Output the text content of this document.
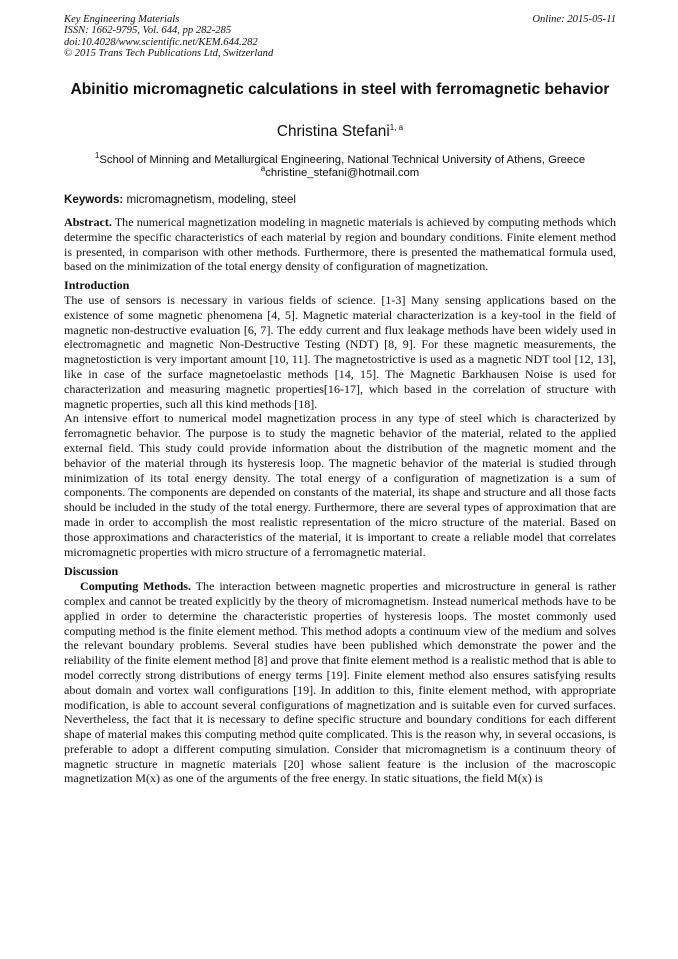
Key Engineering Materials
ISSN: 1662-9795, Vol. 644, pp 282-285
doi:10.4028/www.scientific.net/KEM.644.282
© 2015 Trans Tech Publications Ltd, Switzerland
Online: 2015-05-11
Abinitio micromagnetic calculations in steel with ferromagnetic behavior
Christina Stefani$^{1, a}$
$^1$School of Minning and Metallurgical Engineering, National Technical University of Athens, Greece
$^a$christine_stefani@hotmail.com
Keywords: micromagnetism, modeling, steel

Abstract. The numerical magnetization modeling in magnetic materials is achieved by computing methods which determine the specific characteristics of each material by region and boundary conditions. Finite element method is presented, in comparison with other methods. Furthermore, there is presented the mathematical formula used, based on the minimization of the total energy density of configuration of magnetization.

Introduction

The use of sensors is necessary in various fields of science. [1-3] Many sensing applications based on the existence of some magnetic phenomena [4, 5]. Magnetic material characterization is a key-tool in the field of magnetic non-destructive evaluation [6, 7]. The eddy current and flux leakage methods have been widely used in electromagnetic and magnetic Non-Destructive Testing (NDT) [8, 9]. For these magnetic measurements, the magnetostiction is very important amount [10, 11]. The magnetostrictive is used as a magnetic NDT tool [12, 13], like in case of the surface magnetoelastic methods [14, 15]. The Magnetic Barkhausen Noise is used for characterization and measuring magnetic properties[16-17], which based in the correlation of structure with magnetic properties, such all this kind methods [18].

An intensive effort to numerical model magnetization process in any type of steel which is characterized by ferromagnetic behavior. The purpose is to study the magnetic behavior of the material, related to the applied external field. This study could provide information about the distribution of the magnetic moment and the behavior of the material through its hysteresis loop. The magnetic behavior of the material is studied through minimization of its total energy density. The total energy of a configuration of magnetization is a sum of components. The components are depended on constants of the material, its shape and structure and all those facts should be included in the study of the total energy. Furthermore, there are several types of approximation that are made in order to accomplish the most realistic representation of the micro structure of the material. Based on those approximations and characteristics of the material, it is important to create a reliable model that correlates micromagnetic properties with micro structure of a ferromagnetic material.

Discussion

Computing Methods. The interaction between magnetic properties and microstructure in general is rather complex and cannot be treated explicitly by the theory of micromagnetism. Instead numerical methods have to be applied in order to determine the characteristic properties of hysteresis loops. The mostet commonly used computing method is the finite element method. This method adopts a continuum view of the medium and solves the relevant boundary problems. Several studies have been published which demonstrate the power and the reliability of the finite element method [8] and prove that finite element method is a realistic method that is able to model correctly strong distributions of energy terms [19]. Finite element method also ensures satisfying results about domain and vortex wall configurations [19]. In addition to this, finite element method, with appropriate modification, is able to account several configurations of magnetization and is suitable even for curved surfaces. Nevertheless, the fact that it is necessary to define specific structure and boundary conditions for each different shape of material makes this computing method quite complicated. This is the reason why, in several occasions, is preferable to adopt a different computing simulation. Consider that micromagnetism is a continuum theory of magnetic structure in magnetic materials [20] whose salient feature is the inclusion of the macroscopic magnetization M(x) as one of the arguments of the free energy. In static situations, the field M(x) is
